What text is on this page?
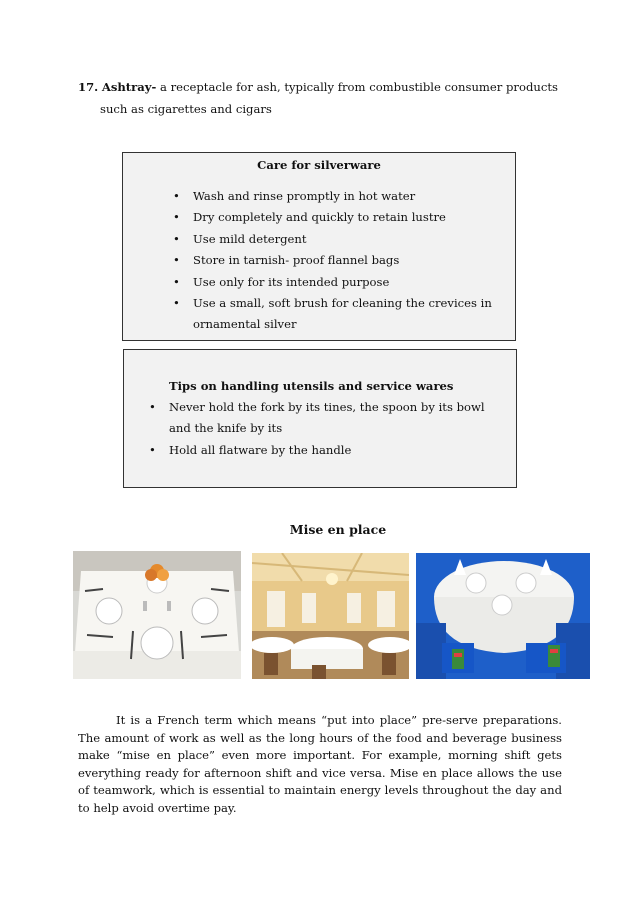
17. Ashtray- a receptacle for ash, typically from combustible consumer products
such as cigarettes and cigars
Care for silverware
• Wash and rinse promptly in hot water
• Dry completely and quickly to retain lustre
• Use mild detergent
• Store in tarnish- proof flannel bags
• Use only for its intended purpose
• Use a small, soft brush for cleaning the crevices in ornamental silver
Tips on handling utensils and service wares
• Never hold the fork by its tines, the spoon by its bowl and the knife by its
• Hold all flatware by the handle
Mise en place
It is a French term which means “put into place” pre-serve preparations. The amount of work as well as the long hours of the food and beverage business make “mise en place” even more important. For example, morning shift gets everything ready for afternoon shift and vice versa. Mise en place allows the use of teamwork, which is essential to maintain energy levels throughout the day and to help avoid overtime pay.
